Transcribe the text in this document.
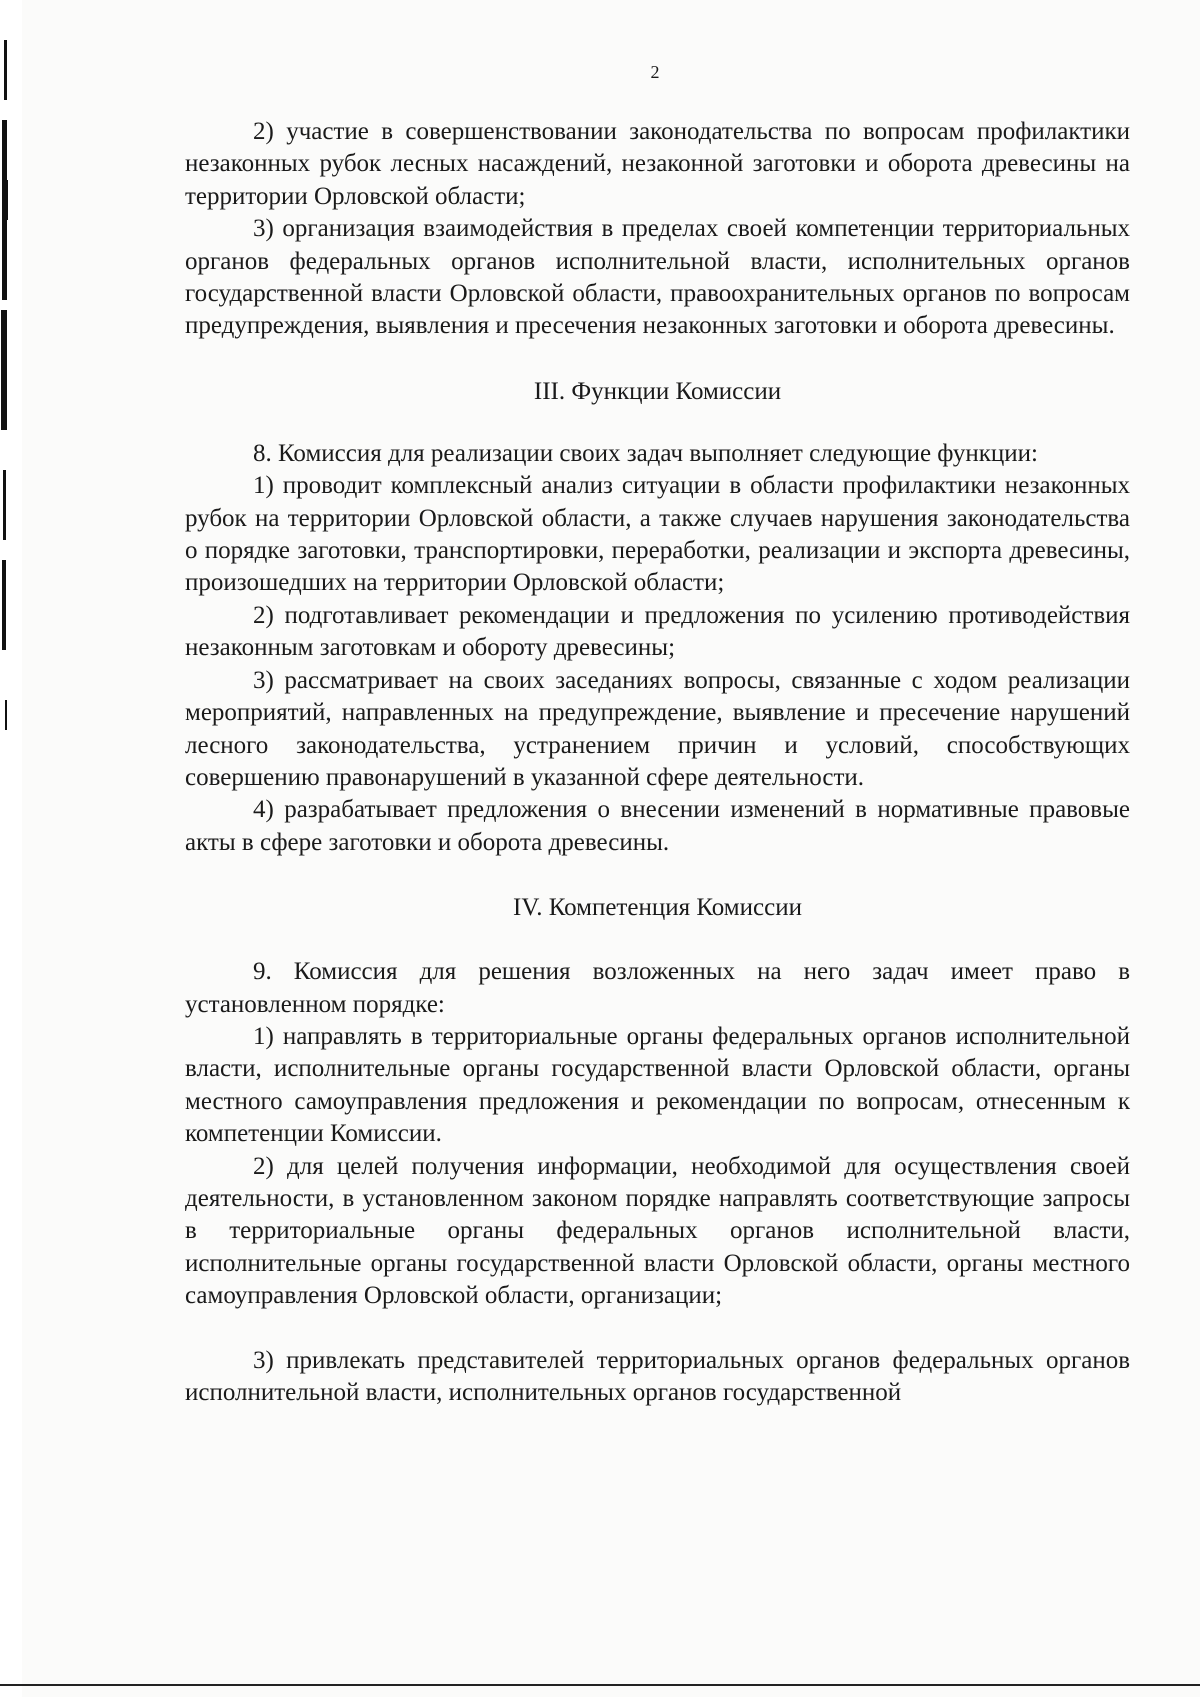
2

2) участие в совершенствовании законодательства по вопросам профилактики незаконных рубок лесных насаждений, незаконной заготовки и оборота древесины на территории Орловской области;

3) организация взаимодействия в пределах своей компетенции территориальных органов федеральных органов исполнительной власти, исполнительных органов государственной власти Орловской области, правоохранительных органов по вопросам предупреждения, выявления и пресечения незаконных заготовки и оборота древесины.

III. Функции Комиссии

8. Комиссия для реализации своих задач выполняет следующие функции:

1) проводит комплексный анализ ситуации в области профилактики незаконных рубок на территории Орловской области, а также случаев нарушения законодательства о порядке заготовки, транспортировки, переработки, реализации и экспорта древесины, произошедших на территории Орловской области;

2) подготавливает рекомендации и предложения по усилению противодействия незаконным заготовкам и обороту древесины;

3) рассматривает на своих заседаниях вопросы, связанные с ходом реализации мероприятий, направленных на предупреждение, выявление и пресечение нарушений лесного законодательства, устранением причин и условий, способствующих совершению правонарушений в указанной сфере деятельности.

4) разрабатывает предложения о внесении изменений в нормативные правовые акты в сфере заготовки и оборота древесины.

IV. Компетенция Комиссии

9. Комиссия для решения возложенных на него задач имеет право в установленном порядке:

1) направлять в территориальные органы федеральных органов исполнительной власти, исполнительные органы государственной власти Орловской области, органы местного самоуправления предложения и рекомендации по вопросам, отнесенным к компетенции Комиссии.

2) для целей получения информации, необходимой для осуществления своей деятельности, в установленном законом порядке направлять соответствующие запросы в территориальные органы федеральных органов исполнительной власти, исполнительные органы государственной власти Орловской области, органы местного самоуправления Орловской области, организации;

3) привлекать представителей территориальных органов федеральных органов исполнительной власти, исполнительных органов государственной
